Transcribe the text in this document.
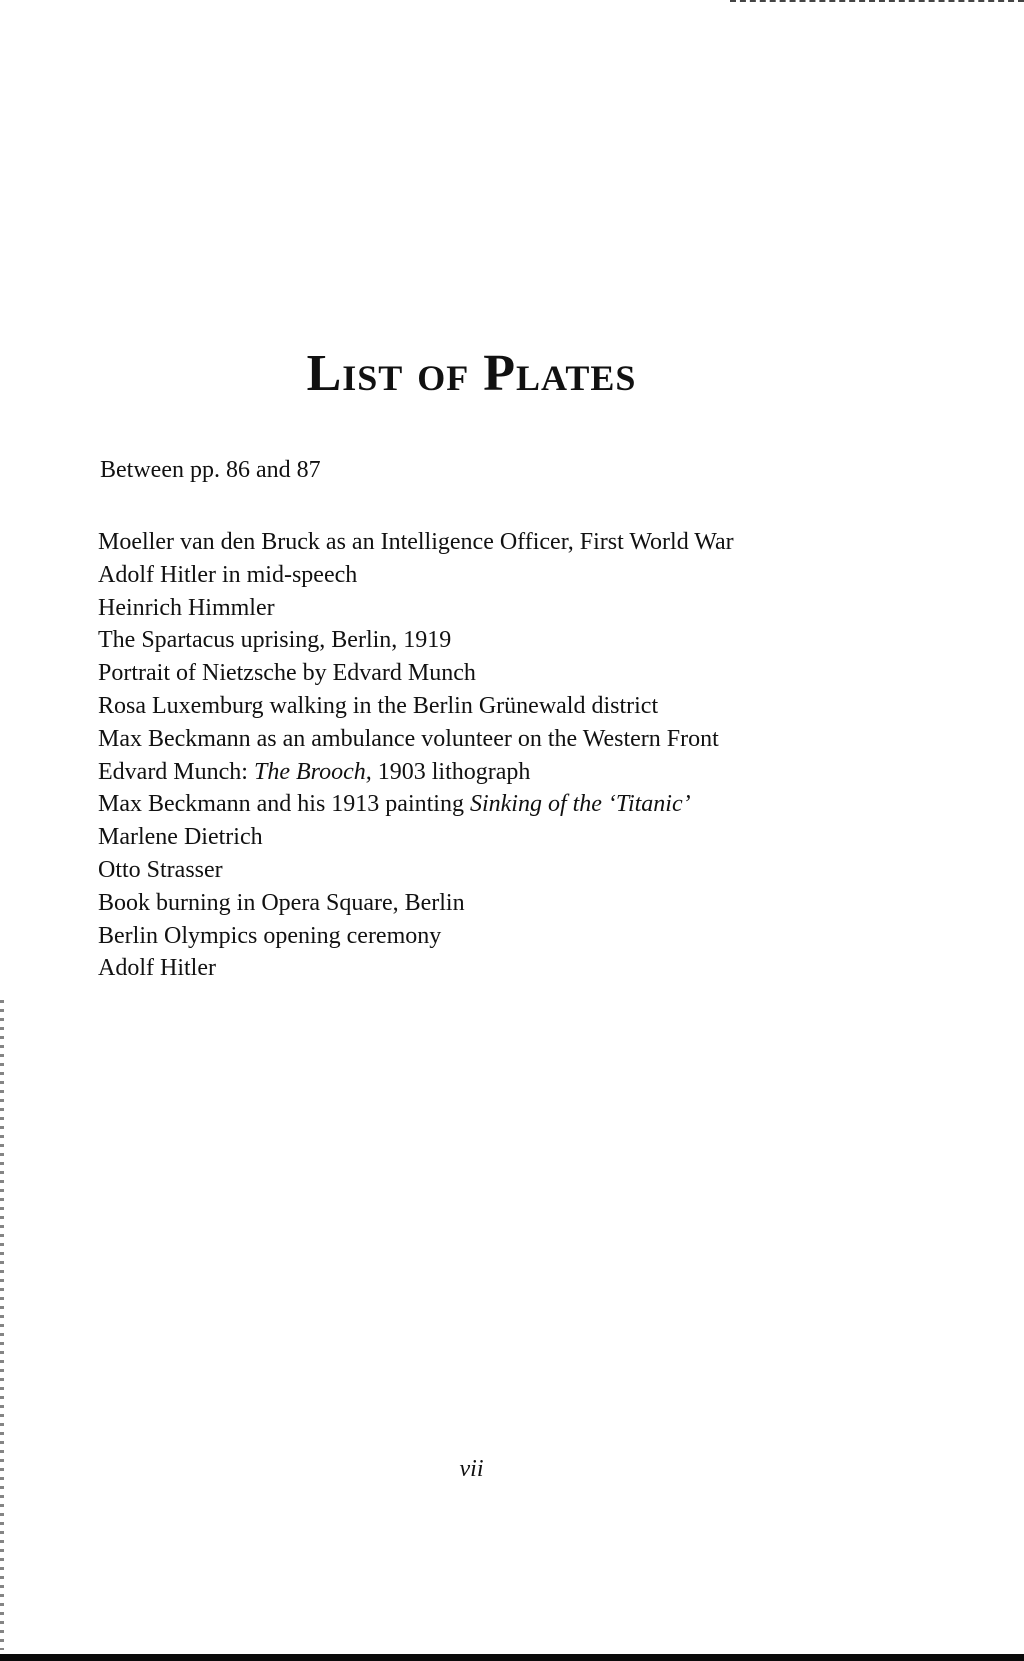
List of Plates

Between pp. 86 and 87

Moeller van den Bruck as an Intelligence Officer, First World War
Adolf Hitler in mid-speech
Heinrich Himmler
The Spartacus uprising, Berlin, 1919
Portrait of Nietzsche by Edvard Munch
Rosa Luxemburg walking in the Berlin Grünewald district
Max Beckmann as an ambulance volunteer on the Western Front
Edvard Munch: The Brooch, 1903 lithograph
Max Beckmann and his 1913 painting Sinking of the ‘Titanic’
Marlene Dietrich
Otto Strasser
Book burning in Opera Square, Berlin
Berlin Olympics opening ceremony
Adolf Hitler
vii
